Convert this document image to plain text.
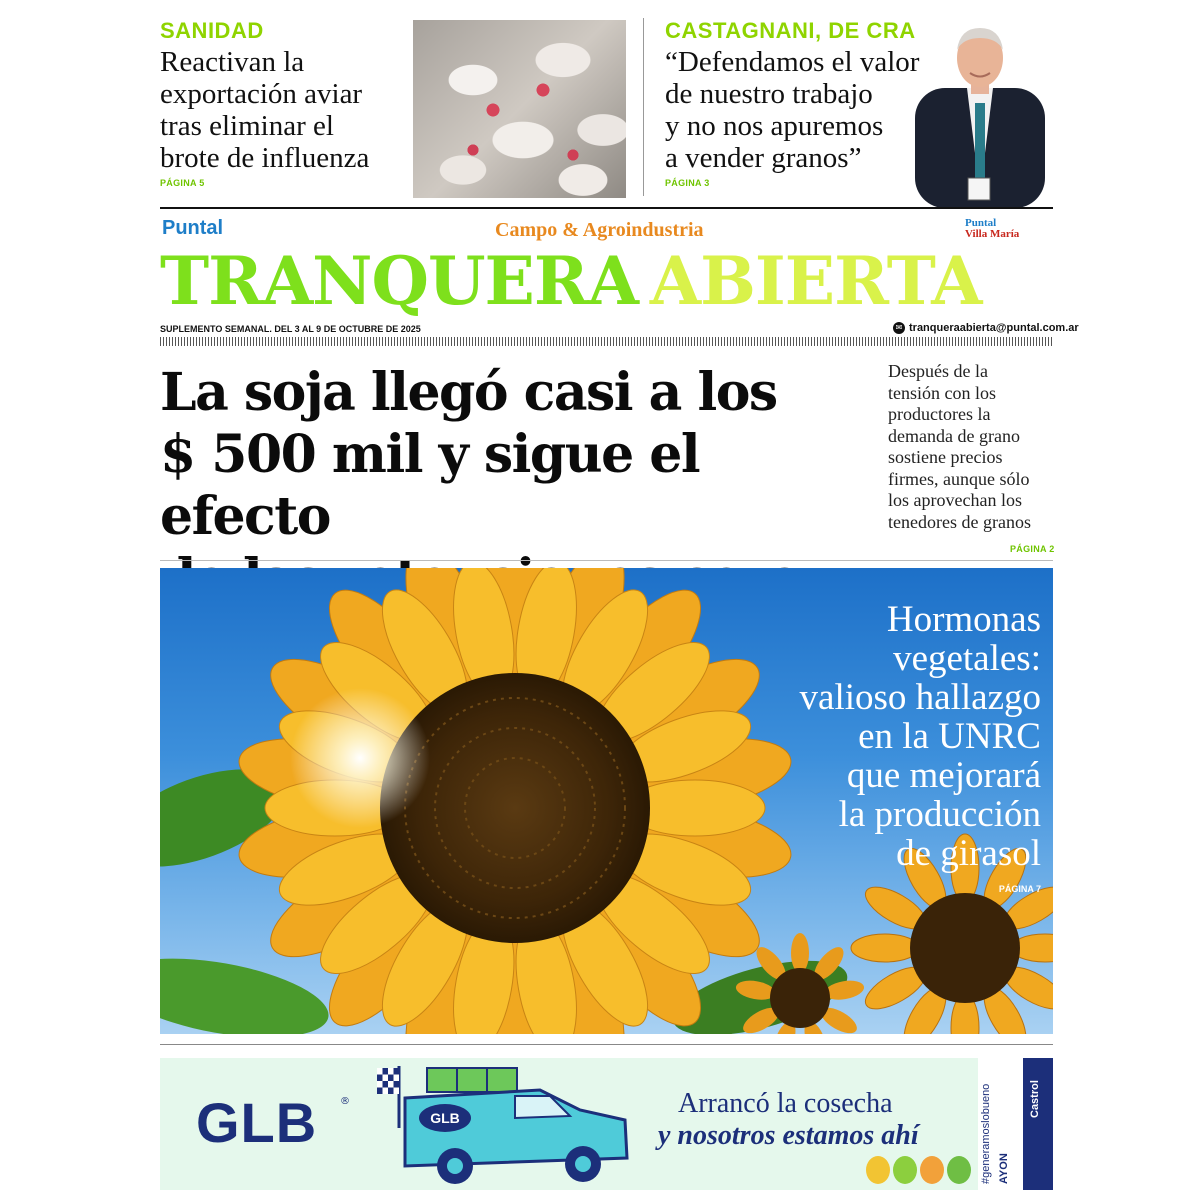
SANIDAD
Reactivan la
exportación aviar
tras eliminar el
brote de influenza
PÁGINA 5
CASTAGNANI, DE CRA
“Defendamos el valor
de nuestro trabajo
y no nos apuremos
a vender granos”
PÁGINA 3
Puntal	Campo & Agroindustria	Puntal
Villa María
TRANQUERA ABIERTA
SUPLEMENTO SEMANAL. DEL 3 AL 9 DE OCTUBRE DE 2025	✉ tranqueraabierta@puntal.com.ar
La soja llegó casi a los
$ 500 mil y sigue el efecto
Después de la
tensión con los
productores la
demanda de grano
sostiene precios
firmes, aunque sólo
los aprovechan los
tenedores de granos
PÁGINA 2
Hormonas
vegetales:
valioso hallazgo
en la UNRC
que mejorará
la producción
de girasol
PÁGINA 7
GLB ®
GLB	Arrancó la cosecha
y nosotros estamos ahí	#generamoslobueno AYON
Castrol
